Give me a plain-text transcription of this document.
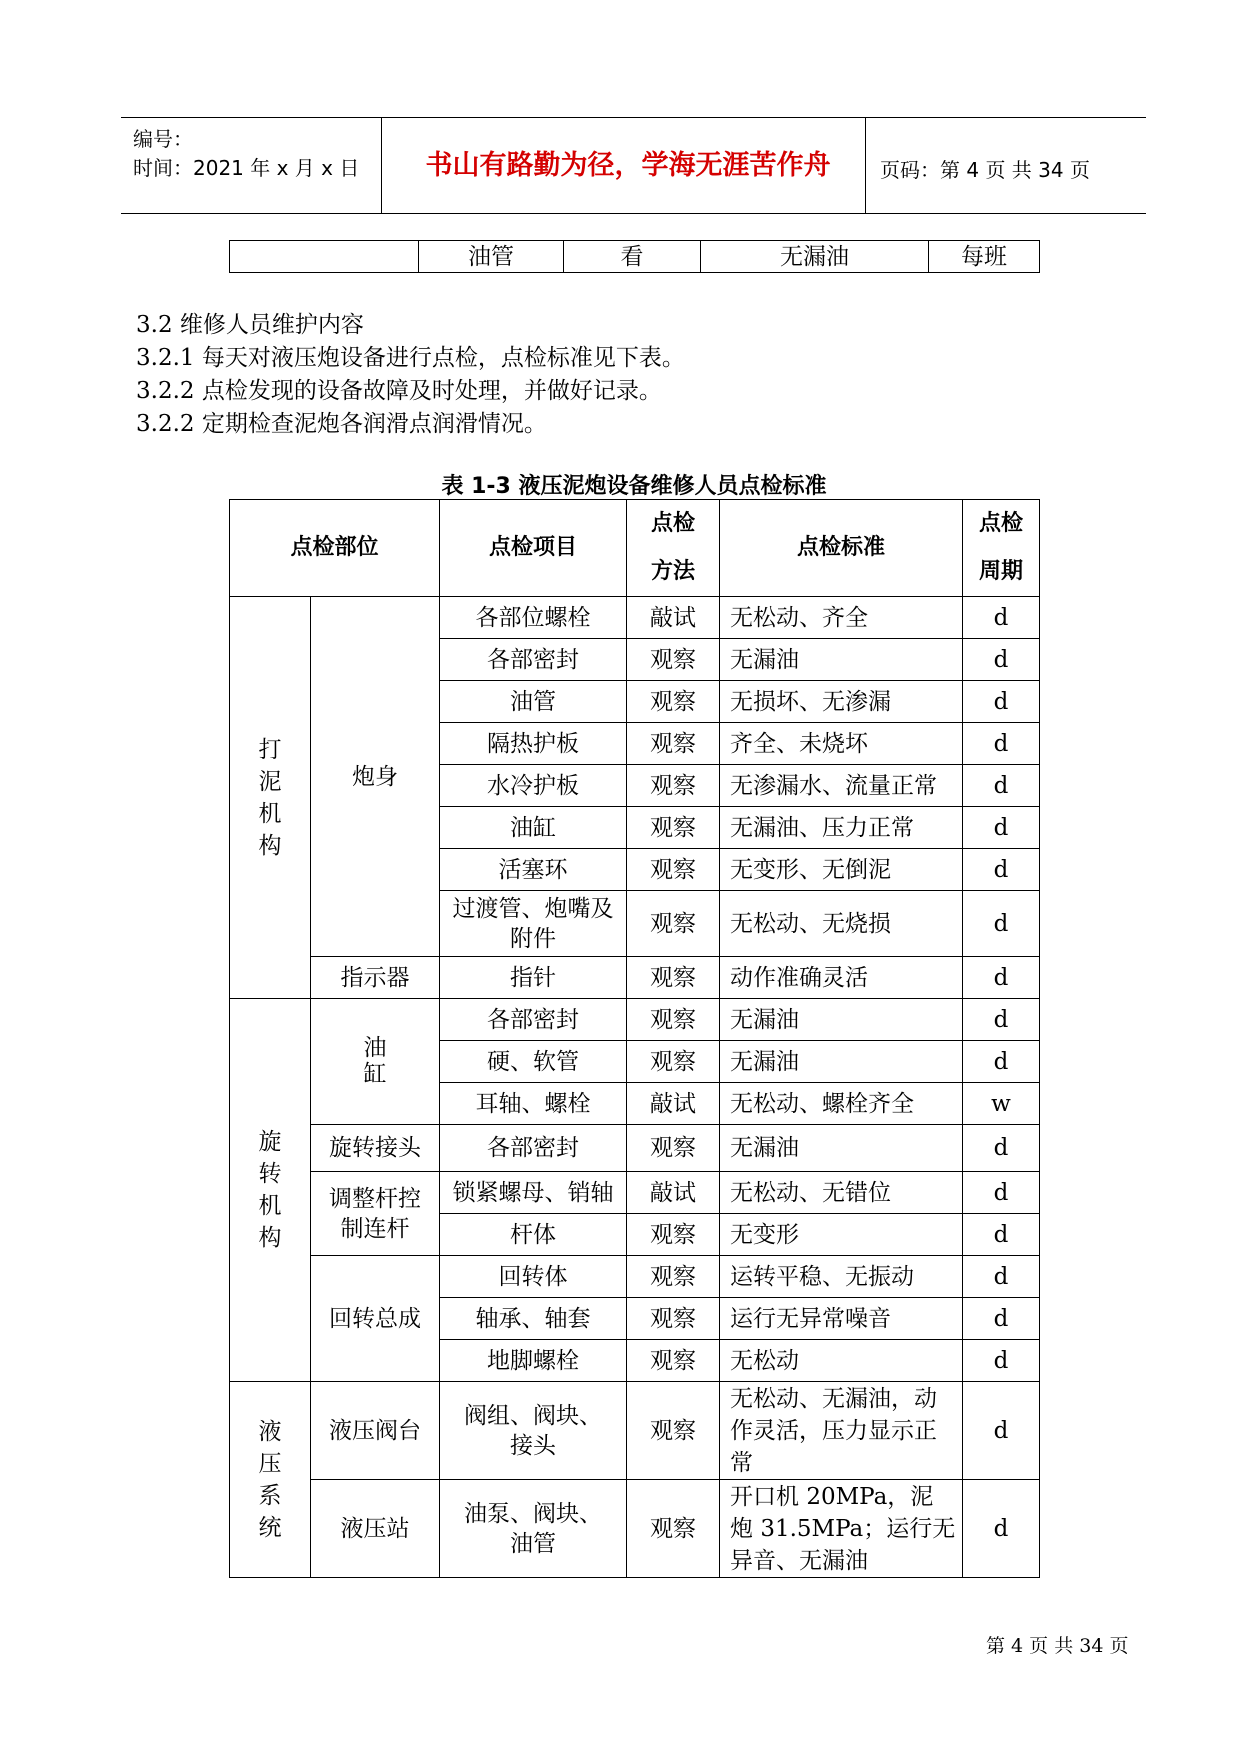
编号：
时间：2021 年 x 月 x 日	书山有路勤为径，学海无涯苦作舟	页码：第 4 页 共 34 页
	油管	看	无漏油	每班
3.2 维修人员维护内容
3.2.1 每天对液压炮设备进行点检，点检标准见下表。
3.2.2 点检发现的设备故障及时处理，并做好记录。
3.2.2 定期检查泥炮各润滑点润滑情况。
表 1-3 液压泥炮设备维修人员点检标准
点检部位		点检项目	点检方法	点检标准	点检周期
打泥机构	炮身	各部位螺栓	敲试	无松动、齐全	d
		各部密封	观察	无漏油	d
		油管	观察	无损坏、无渗漏	d
		隔热护板	观察	齐全、未烧坏	d
		水冷护板	观察	无渗漏水、流量正常	d
		油缸	观察	无漏油、压力正常	d
		活塞环	观察	无变形、无倒泥	d
		过渡管、炮嘴及附件	观察	无松动、无烧损	d
	指示器	指针	观察	动作准确灵活	d
旋转机构	油缸	各部密封	观察	无漏油	d
		硬、软管	观察	无漏油	d
		耳轴、螺栓	敲试	无松动、螺栓齐全	w
	旋转接头	各部密封	观察	无漏油	d
	调整杆控制连杆	锁紧螺母、销轴	敲试	无松动、无错位	d
		杆体	观察	无变形	d
	回转总成	回转体	观察	运转平稳、无振动	d
		轴承、轴套	观察	运行无异常噪音	d
		地脚螺栓	观察	无松动	d
液压系统	液压阀台	阀组、阀块、接头	观察	无松动、无漏油，动作灵活，压力显示正常	d
	液压站	油泵、阀块、油管	观察	开口机 20MPa，泥炮 31.5MPa；运行无异音、无漏油	d
第 4 页 共 34 页
